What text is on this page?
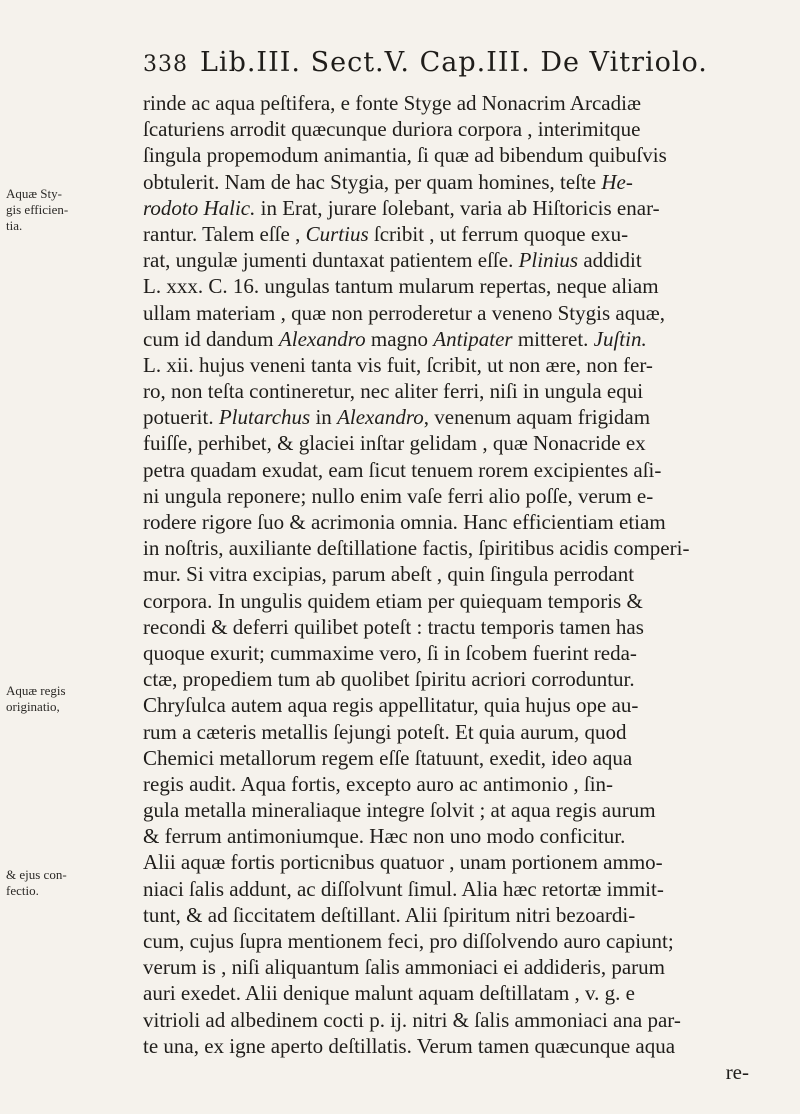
338 Lib.III. Sect.V. Cap.III. De Vitriolo.
Aquæ Sty- gis efficien- tia.
Aquæ regis originatio,
& ejus con- fectio.
rinde ac aqua peſtifera, e fonte Styge ad Nonacrim Arcadiæ
ſcaturiens arrodit quæcunque duriora corpora , interimitque
ſingula propemodum animantia, ſi quæ ad bibendum quibuſvis
obtulerit. Nam de hac Stygia, per quam homines, teſte He-
rodoto Halic. in Erat, jurare ſolebant, varia ab Hiſtoricis enar-
rantur. Talem eſſe , Curtius ſcribit , ut ferrum quoque exu-
rat, ungulæ jumenti duntaxat patientem eſſe. Plinius addidit
L. xxx. C. 16. ungulas tantum mularum repertas, neque aliam
ullam materiam , quæ non perroderetur a veneno Stygis aquæ,
cum id dandum Alexandro magno Antipater mitteret. Juſtin.
L. xii. hujus veneni tanta vis fuit, ſcribit, ut non ære, non fer-
ro, non teſta contineretur, nec aliter ferri, niſi in ungula equi
potuerit. Plutarchus in Alexandro, venenum aquam frigidam
fuiſſe, perhibet, & glaciei inſtar gelidam , quæ Nonacride ex
petra quadam exudat, eam ſicut tenuem rorem excipientes aſi-
ni ungula reponere; nullo enim vaſe ferri alio poſſe, verum e-
rodere rigore ſuo & acrimonia omnia. Hanc efficientiam etiam
in noſtris, auxiliante deſtillatione factis, ſpiritibus acidis comperi-
mur. Si vitra excipias, parum abeſt , quin ſingula perrodant
corpora. In ungulis quidem etiam per quiequam temporis &
recondi & deferri quilibet poteſt : tractu temporis tamen has
quoque exurit; cummaxime vero, ſi in ſcobem fuerint reda-
ctæ, propediem tum ab quolibet ſpiritu acriori corroduntur.
Chryſulca autem aqua regis appellitatur, quia hujus ope au-
rum a cæteris metallis ſejungi poteſt. Et quia aurum, quod
Chemici metallorum regem eſſe ſtatuunt, exedit, ideo aqua
regis audit. Aqua fortis, excepto auro ac antimonio , ſin-
gula metalla mineraliaque integre ſolvit ; at aqua regis aurum
& ferrum antimoniumque. Hæc non uno modo conficitur.
Alii aquæ fortis porticnibus quatuor , unam portionem ammo-
niaci ſalis addunt, ac diſſolvunt ſimul. Alia hæc retortæ immit-
tunt, & ad ſiccitatem deſtillant. Alii ſpiritum nitri bezoardi-
cum, cujus ſupra mentionem feci, pro diſſolvendo auro capiunt;
verum is , niſi aliquantum ſalis ammoniaci ei addideris, parum
auri exedet. Alii denique malunt aquam deſtillatam , v. g. e
vitrioli ad albedinem cocti p. ij. nitri & ſalis ammoniaci ana par-
te una, ex igne aperto deſtillatis. Verum tamen quæcunque aqua
re-
